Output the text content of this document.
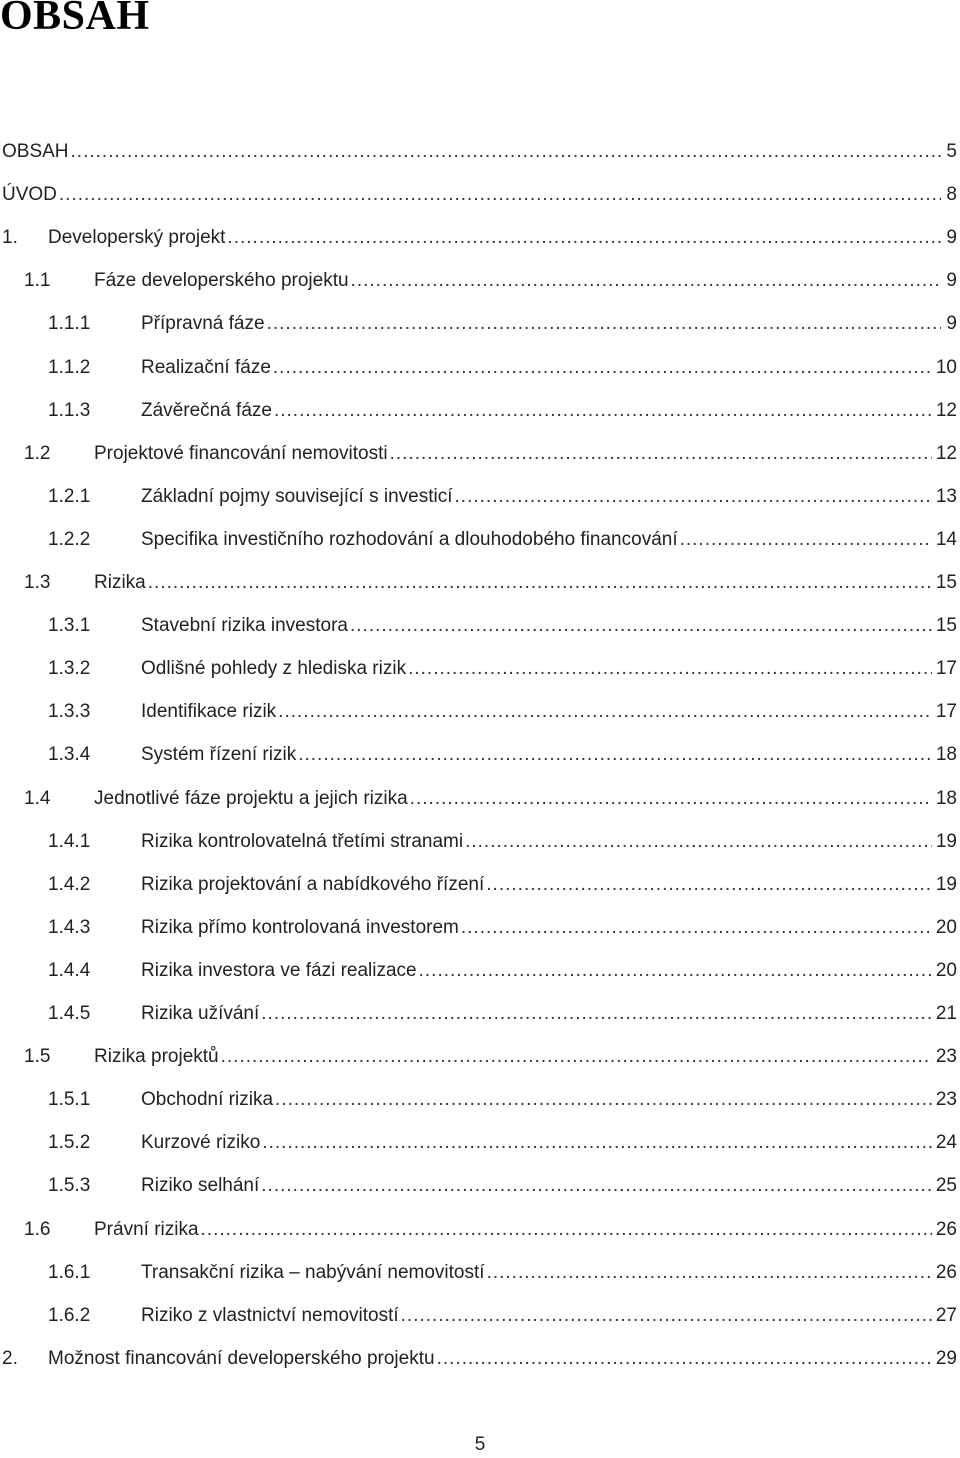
OBSAH
OBSAH .....	5
ÚVOD .....	8
1.	Developerský projekt .....	9
1.1	Fáze developerského projektu .....	9
1.1.1	Přípravná fáze .....	9
1.1.2	Realizační fáze .....	10
1.1.3	Závěrečná fáze .....	12
1.2	Projektové financování nemovitosti .....	12
1.2.1	Základní pojmy související s investicí .....	13
1.2.2	Specifika investičního rozhodování a dlouhodobého financování .....	14
1.3	Rizika .....	15
1.3.1	Stavební rizika investora .....	15
1.3.2	Odlišné pohledy z hlediska rizik .....	17
1.3.3	Identifikace rizik .....	17
1.3.4	Systém řízení rizik .....	18
1.4	Jednotlivé fáze projektu a jejich rizika .....	18
1.4.1	Rizika kontrolovatelná třetími stranami .....	19
1.4.2	Rizika projektování a nabídkového řízení .....	19
1.4.3	Rizika přímo kontrolovaná investorem .....	20
1.4.4	Rizika investora ve fázi realizace .....	20
1.4.5	Rizika užívání .....	21
1.5	Rizika projektů .....	23
1.5.1	Obchodní rizika .....	23
1.5.2	Kurzové riziko .....	24
1.5.3	Riziko selhání .....	25
1.6	Právní rizika .....	26
1.6.1	Transakční rizika – nabývání nemovitostí .....	26
1.6.2	Riziko z vlastnictví nemovitostí .....	27
2.	Možnost financování developerského projektu .....	29
5
